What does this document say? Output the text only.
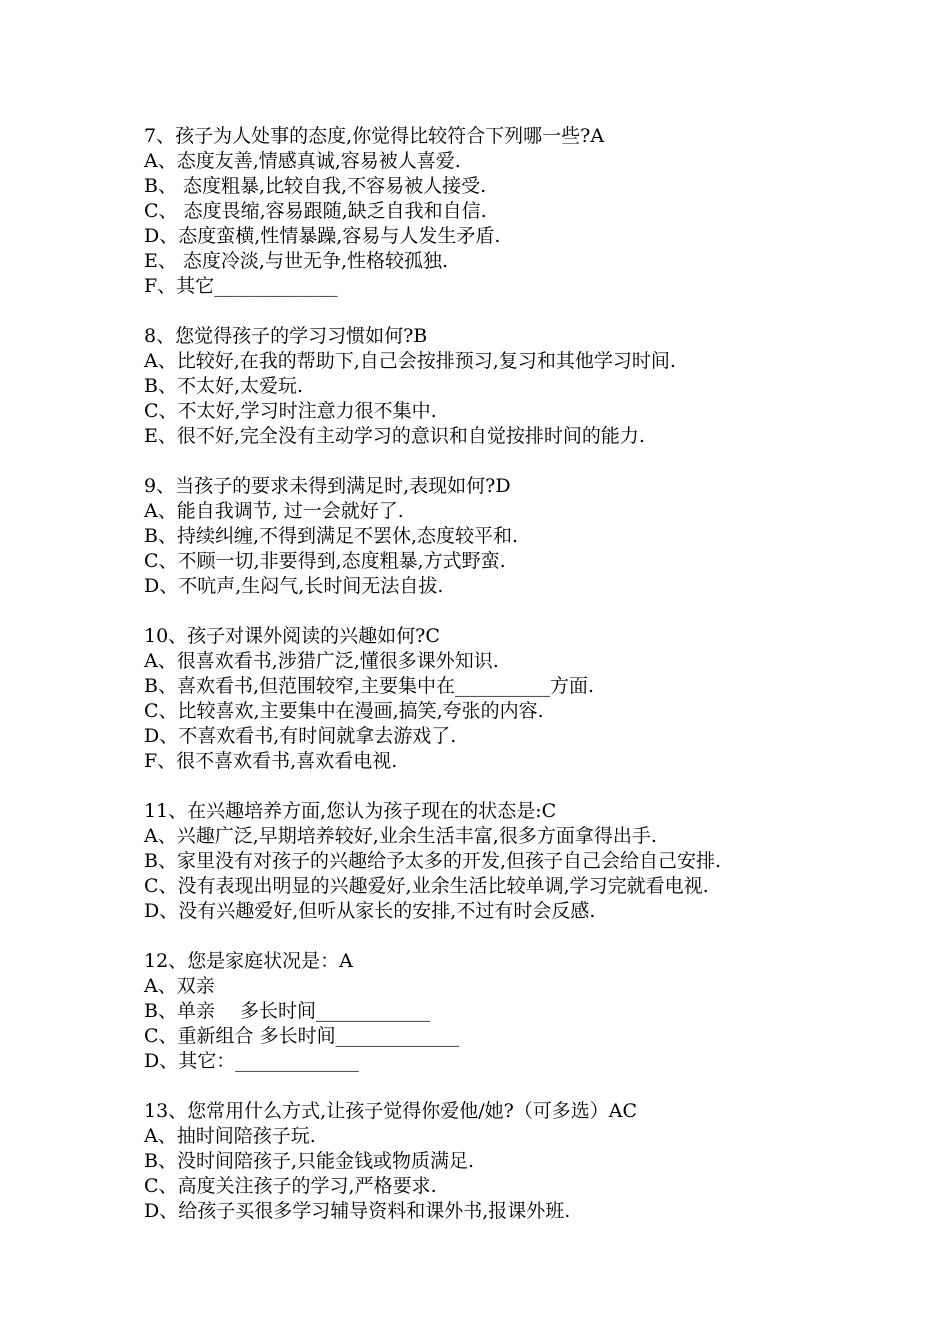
7、孩子为人处事的态度,你觉得比较符合下列哪一些?A
A、态度友善,情感真诚,容易被人喜爱.
B、 态度粗暴,比较自我,不容易被人接受.
C、 态度畏缩,容易跟随,缺乏自我和自信.
D、态度蛮横,性情暴躁,容易与人发生矛盾.
E、 态度冷淡,与世无争,性格较孤独.
F、其它_____________
8、您觉得孩子的学习习惯如何?B
A、比较好,在我的帮助下,自己会按排预习,复习和其他学习时间.
B、不太好,太爱玩.
C、不太好,学习时注意力很不集中.
E、很不好,完全没有主动学习的意识和自觉按排时间的能力.
9、当孩子的要求未得到满足时,表现如何?D
A、能自我调节, 过一会就好了.
B、持续纠缠,不得到满足不罢休,态度较平和.
C、不顾一切,非要得到,态度粗暴,方式野蛮.
D、不吭声,生闷气,长时间无法自拔.
10、孩子对课外阅读的兴趣如何?C
A、很喜欢看书,涉猎广泛,懂很多课外知识.
B、喜欢看书,但范围较窄,主要集中在__________方面.
C、比较喜欢,主要集中在漫画,搞笑,夸张的内容.
D、不喜欢看书,有时间就拿去游戏了.
F、很不喜欢看书,喜欢看电视.
11、在兴趣培养方面,您认为孩子现在的状态是:C
A、兴趣广泛,早期培养较好,业余生活丰富,很多方面拿得出手.
B、家里没有对孩子的兴趣给予太多的开发,但孩子自己会给自己安排.
C、没有表现出明显的兴趣爱好,业余生活比较单调,学习完就看电视.
D、没有兴趣爱好,但听从家长的安排,不过有时会反感.
12、您是家庭状况是：A
A、双亲
B、单亲　 多长时间____________
C、重新组合 多长时间_____________
D、其它：_____________
13、您常用什么方式,让孩子觉得你爱他/她?（可多选）AC
A、抽时间陪孩子玩.
B、没时间陪孩子,只能金钱或物质满足.
C、高度关注孩子的学习,严格要求.
D、给孩子买很多学习辅导资料和课外书,报课外班.
